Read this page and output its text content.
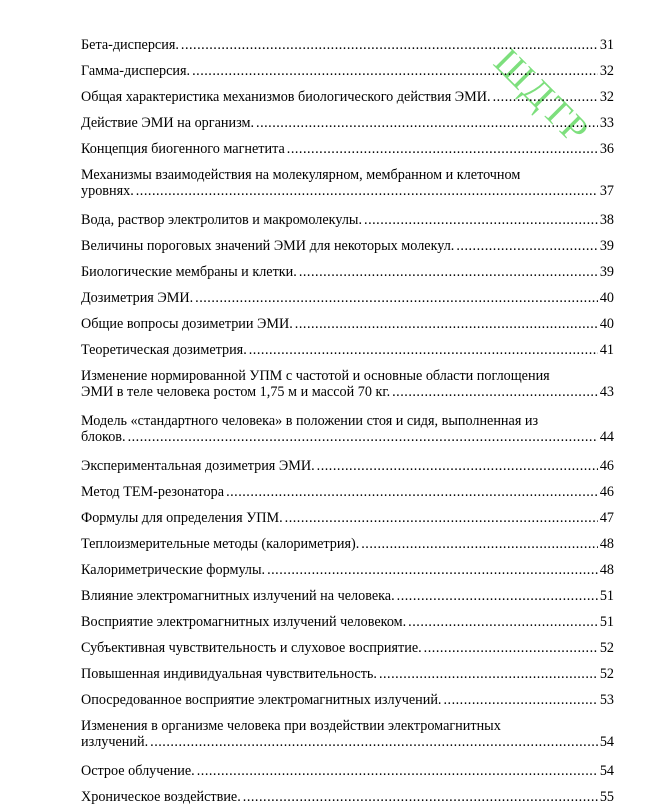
ШДТР
Бета-дисперсия. .....	31
Гамма-дисперсия. .....	32
Общая характеристика механизмов биологического действия ЭМИ. .....	32
Действие ЭМИ на организм. .....	33
Концепция биогенного магнетита .....	36
Механизмы взаимодействия на молекулярном, мембранном и клеточном
уровнях. .....	37
Вода, раствор электролитов и макромолекулы. .....	38
Величины пороговых значений ЭМИ для некоторых молекул. .....	39
Биологические мембраны и клетки. .....	39
Дозиметрия ЭМИ. .....	40
Общие вопросы дозиметрии ЭМИ. .....	40
Теоретическая дозиметрия. .....	41
Изменение нормированной УПМ с частотой и основные области поглощения
ЭМИ в теле человека ростом 1,75 м и массой 70 кг. .....	43
Модель «стандартного человека» в положении стоя и сидя, выполненная из
блоков. .....	44
Экспериментальная дозиметрия ЭМИ. .....	46
Метод ТЕМ-резонатора .....	46
Формулы для определения УПМ. .....	47
Теплоизмерительные методы (калориметрия). .....	48
Калориметрические формулы. .....	48
Влияние электромагнитных излучений на человека. .....	51
Восприятие электромагнитных излучений человеком. .....	51
Субъективная чувствительность и слуховое восприятие. .....	52
Повышенная индивидуальная чувствительность. .....	52
Опосредованное восприятие электромагнитных излучений. .....	53
Изменения в организме человека при воздействии электромагнитных
излучений. .....	54
Острое облучение. .....	54
Хроническое воздействие. .....	55
